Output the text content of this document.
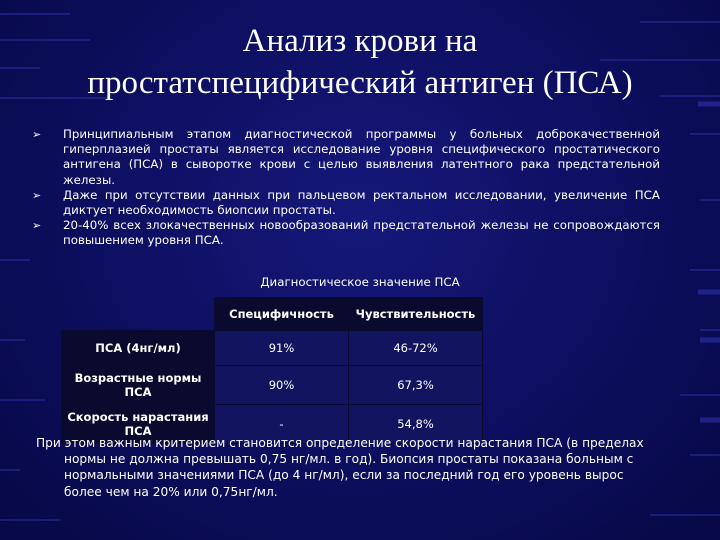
Анализ крови на
простатспецифический антиген (ПСА)
➢ Принципиальным этапом диагностической программы у больных доброкачественной гиперплазией простаты является исследование уровня специфического простатического антигена (ПСА) в сыворотке крови с целью выявления латентного рака предстательной железы.
➢ Даже при отсутствии данных при пальцевом ректальном исследовании, увеличение ПСА диктует необходимость биопсии простаты.
➢ 20-40% всех злокачественных новообразований предстательной железы не сопровождаются повышением уровня ПСА.
Диагностическое значение ПСА
	Специфичность	Чувствительность
ПСА (4нг/мл)	91%	46-72%
Возрастные нормы ПСА	90%	67,3%
Скорость нарастания ПСА	-	54,8%
При этом важным критерием становится определение скорости нарастания ПСА (в пределах
нормы не должна превышать 0,75 нг/мл. в год). Биопсия простаты показана больным с нормальными значениями ПСА (до 4 нг/мл), если за последний год его уровень вырос более чем на 20% или 0,75нг/мл.
